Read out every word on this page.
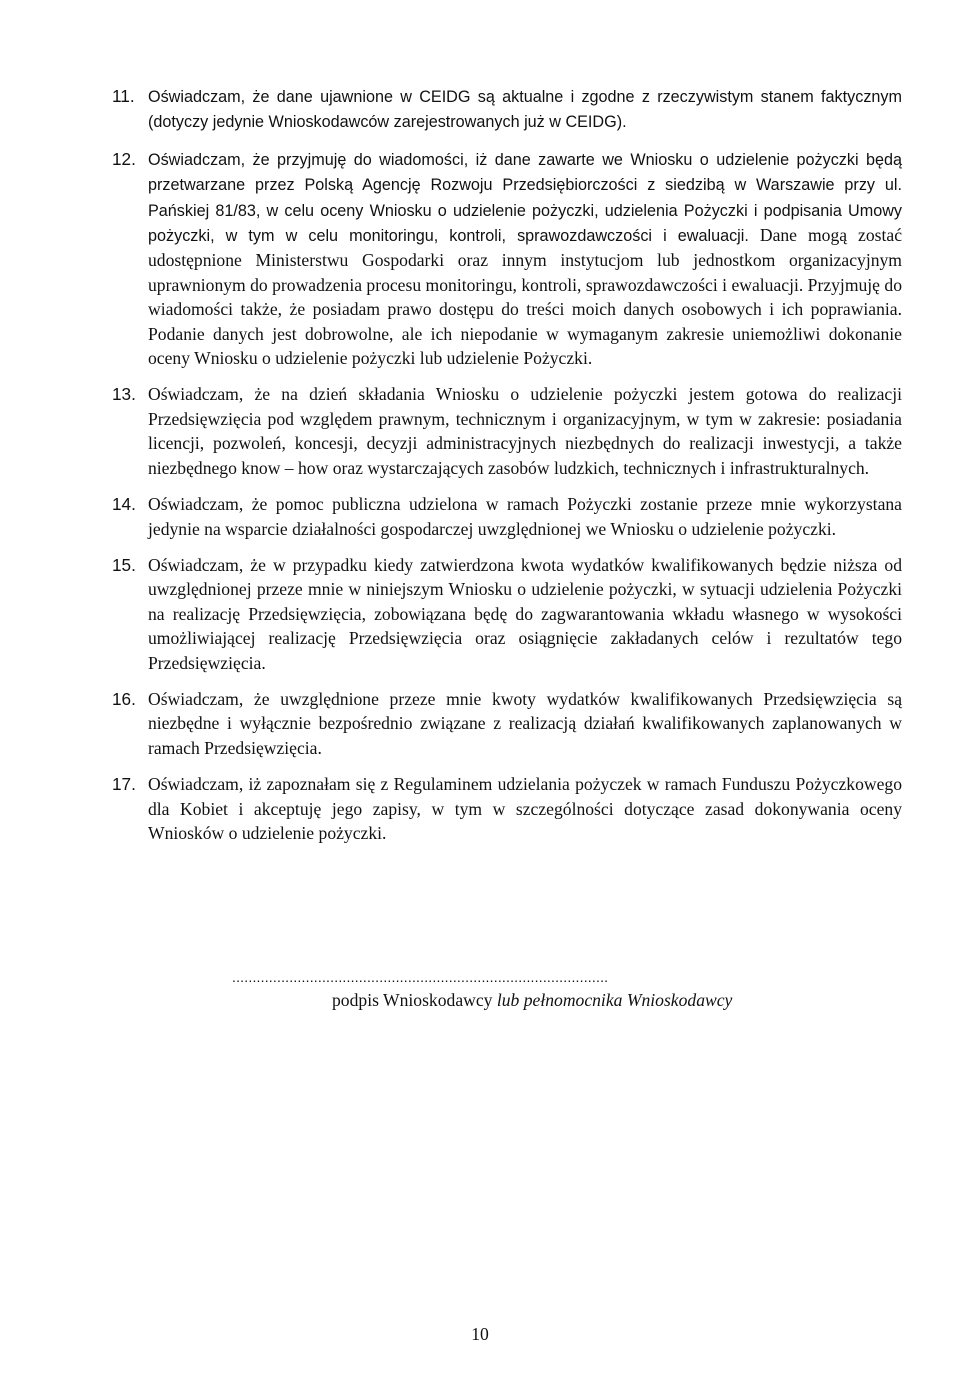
11. Oświadczam, że dane ujawnione w CEIDG są aktualne i zgodne z rzeczywistym stanem faktycznym (dotyczy jedynie Wnioskodawców zarejestrowanych już w CEIDG).

12. Oświadczam, że przyjmuję do wiadomości, iż dane zawarte we Wniosku o udzielenie pożyczki będą przetwarzane przez Polską Agencję Rozwoju Przedsiębiorczości z siedzibą w Warszawie przy ul. Pańskiej 81/83, w celu oceny Wniosku o udzielenie pożyczki, udzielenia Pożyczki i podpisania Umowy pożyczki, w tym w celu monitoringu, kontroli, sprawozdawczości i ewaluacji. Dane mogą zostać udostępnione Ministerstwu Gospodarki oraz innym instytucjom lub jednostkom organizacyjnym uprawnionym do prowadzenia procesu monitoringu, kontroli, sprawozdawczości i ewaluacji. Przyjmuję do wiadomości także, że posiadam prawo dostępu do treści moich danych osobowych i ich poprawiania. Podanie danych jest dobrowolne, ale ich niepodanie w wymaganym zakresie uniemożliwi dokonanie oceny Wniosku o udzielenie pożyczki lub udzielenie Pożyczki.

13. Oświadczam, że na dzień składania Wniosku o udzielenie pożyczki jestem gotowa do realizacji Przedsięwzięcia pod względem prawnym, technicznym i organizacyjnym, w tym w zakresie: posiadania licencji, pozwoleń, koncesji, decyzji administracyjnych niezbędnych do realizacji inwestycji, a także niezbędnego know – how oraz wystarczających zasobów ludzkich, technicznych i infrastrukturalnych.

14. Oświadczam, że pomoc publiczna udzielona w ramach Pożyczki zostanie przeze mnie wykorzystana jedynie na wsparcie działalności gospodarczej uwzględnionej we Wniosku o udzielenie pożyczki.

15. Oświadczam, że w przypadku kiedy zatwierdzona kwota wydatków kwalifikowanych będzie niższa od uwzględnionej przeze mnie w niniejszym Wniosku o udzielenie pożyczki, w sytuacji udzielenia Pożyczki na realizację Przedsięwzięcia, zobowiązana będę do zagwarantowania wkładu własnego w wysokości umożliwiającej realizację Przedsięwzięcia oraz osiągnięcie zakładanych celów i rezultatów tego Przedsięwzięcia.

16. Oświadczam, że uwzględnione przeze mnie kwoty wydatków kwalifikowanych Przedsięwzięcia są niezbędne i wyłącznie bezpośrednio związane z realizacją działań kwalifikowanych zaplanowanych w ramach Przedsięwzięcia.

17. Oświadczam, iż zapoznałam się z Regulaminem udzielania pożyczek w ramach Funduszu Pożyczkowego dla Kobiet i akceptuję jego zapisy, w tym w szczególności dotyczące zasad dokonywania oceny Wniosków o udzielenie pożyczki.

............................................................................................

podpis Wnioskodawcy lub pełnomocnika Wnioskodawcy

10
